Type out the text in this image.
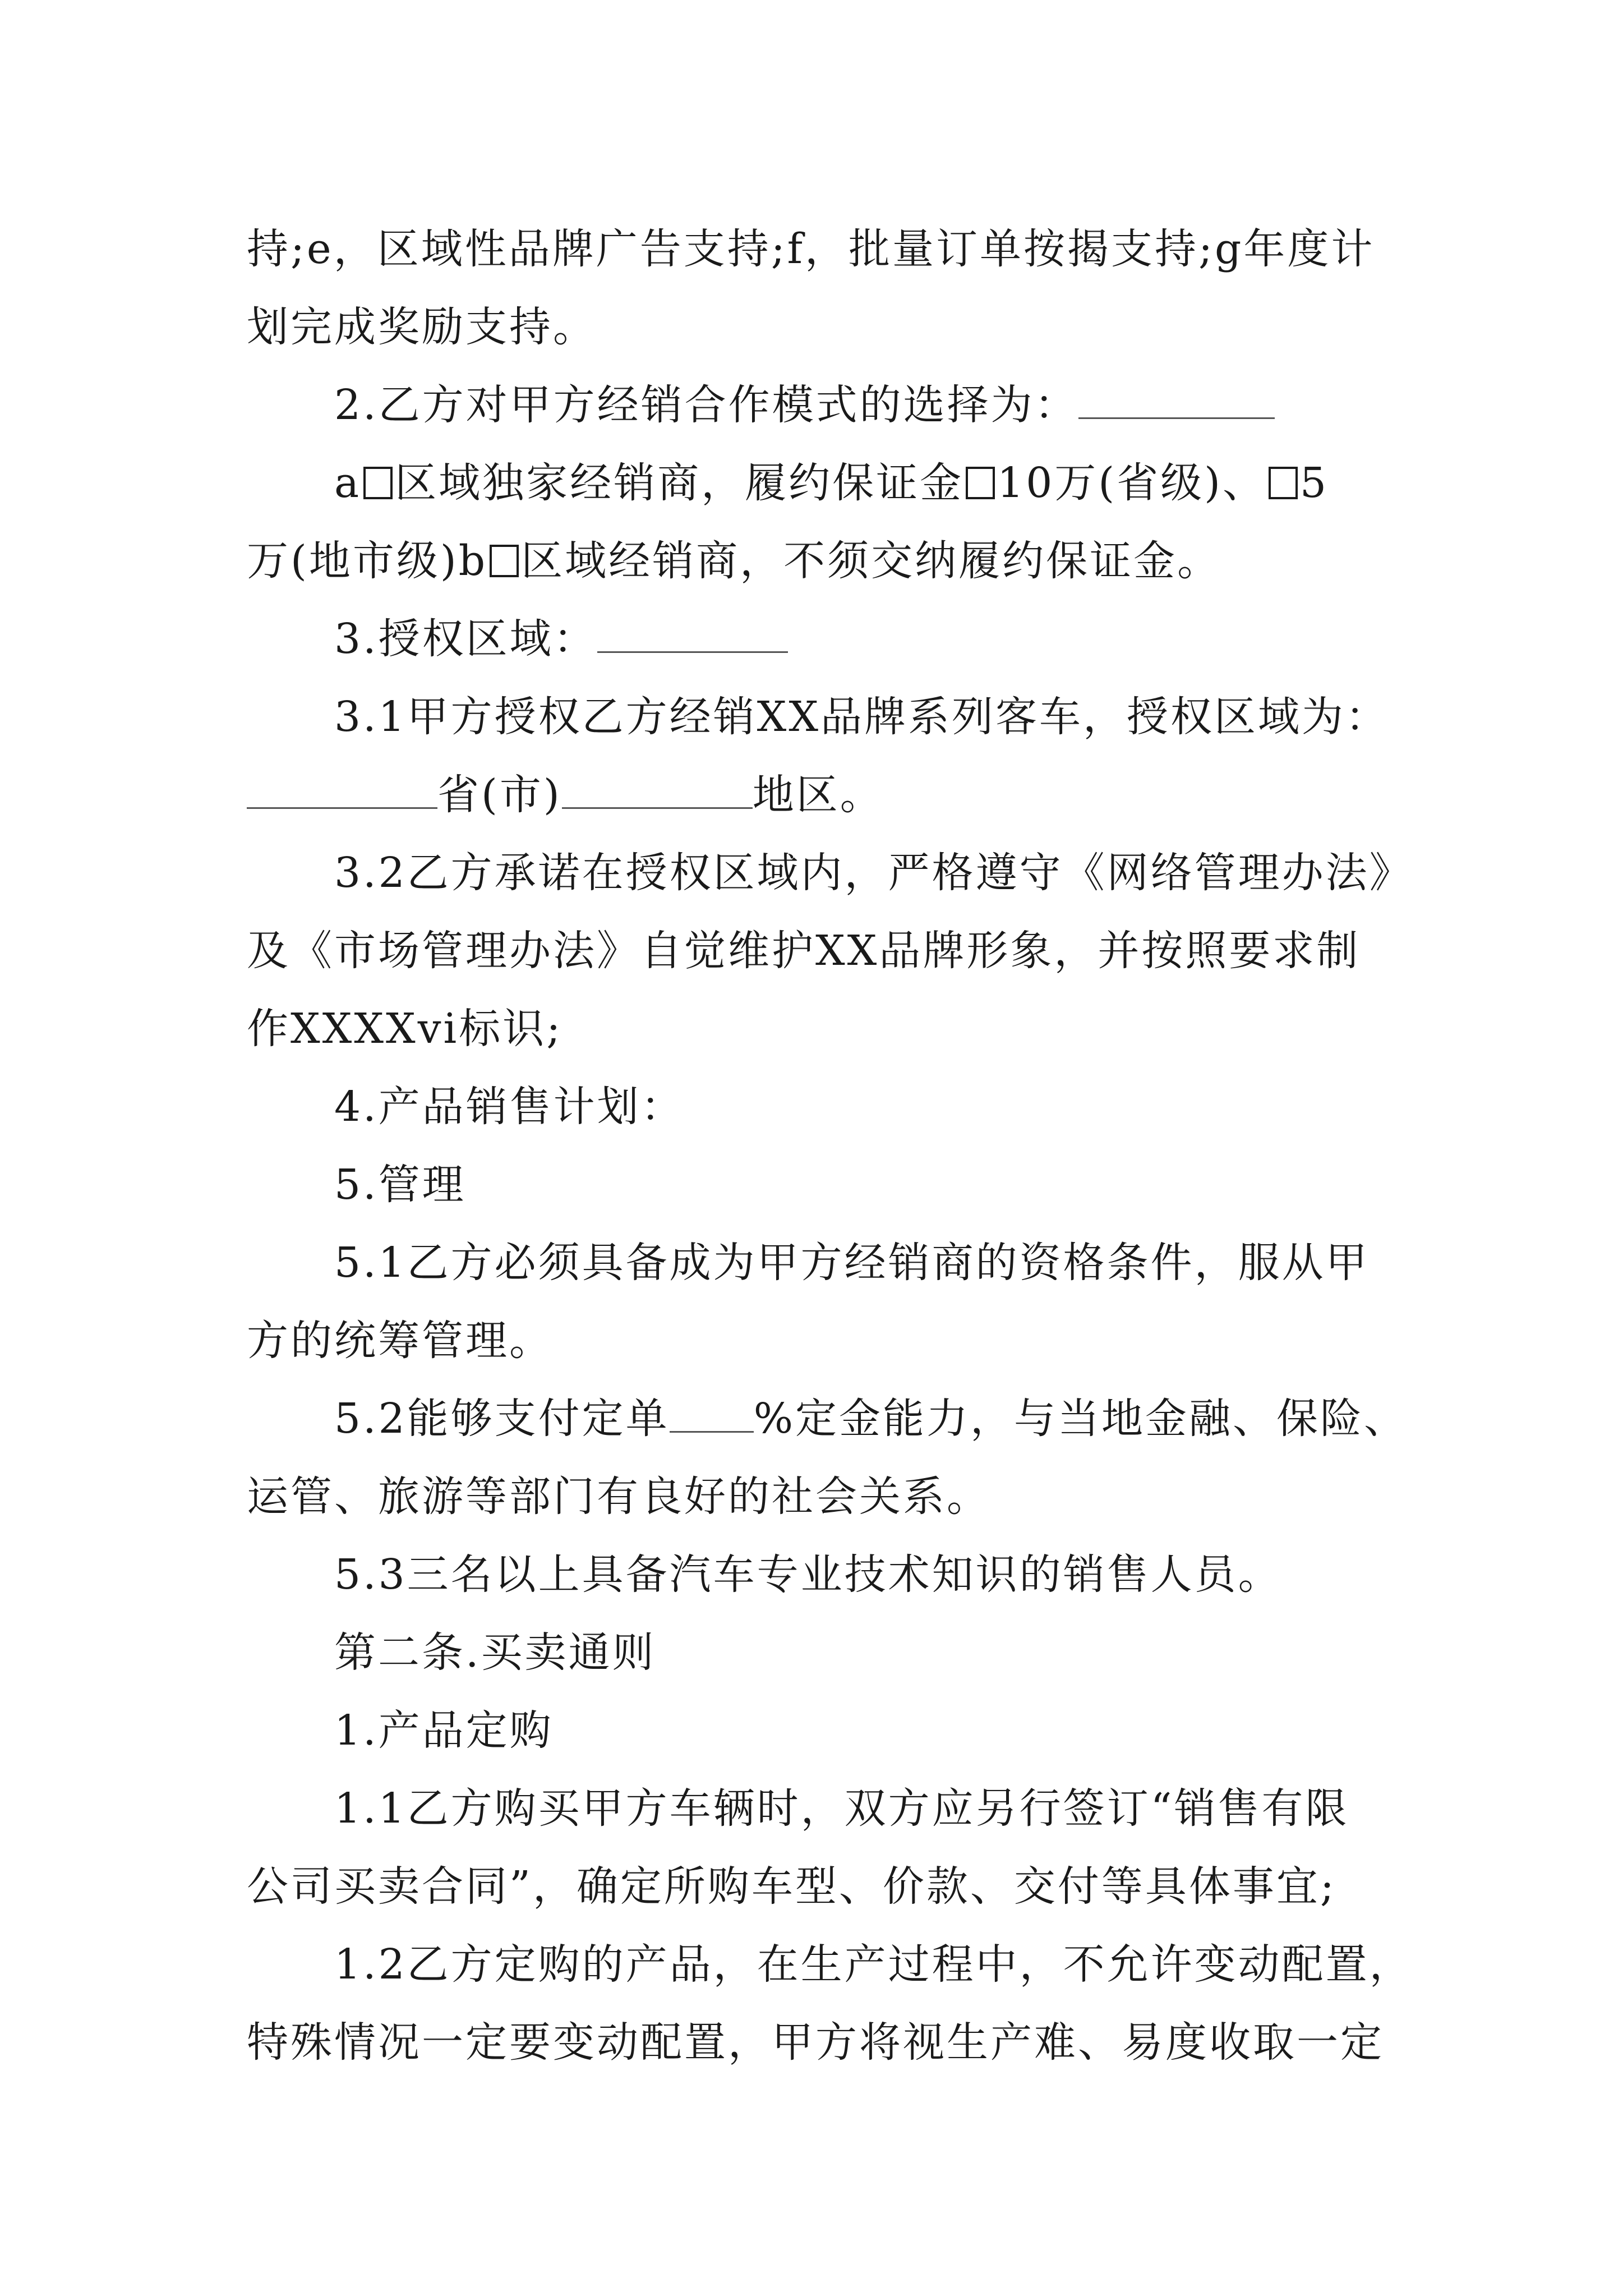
持;e，区域性品牌广告支持;f，批量订单按揭支持;g年度计
划完成奖励支持。
2.乙方对甲方经销合作模式的选择为：
a 区域独家经销商，履约保证金 10万(省级)、 5
万(地市级)b 区域经销商，不须交纳履约保证金。
3.授权区域：
3.1甲方授权乙方经销XX品牌系列客车，授权区域为：
省(市)	地区。
3.2乙方承诺在授权区域内，严格遵守《网络管理办法》
及《市场管理办法》自觉维护XX品牌形象，并按照要求制
作XXXXvi标识;
4.产品销售计划：
5.管理
5.1乙方必须具备成为甲方经销商的资格条件，服从甲
方的统筹管理。
5.2能够支付定单 %定金能力，与当地金融、保险、
运管、旅游等部门有良好的社会关系。
5.3三名以上具备汽车专业技术知识的销售人员。
第二条.买卖通则
1.产品定购
1.1乙方购买甲方车辆时，双方应另行签订“销售有限
公司买卖合同”，确定所购车型、价款、交付等具体事宜;
1.2乙方定购的产品，在生产过程中，不允许变动配置，
特殊情况一定要变动配置，甲方将视生产难、易度收取一定
